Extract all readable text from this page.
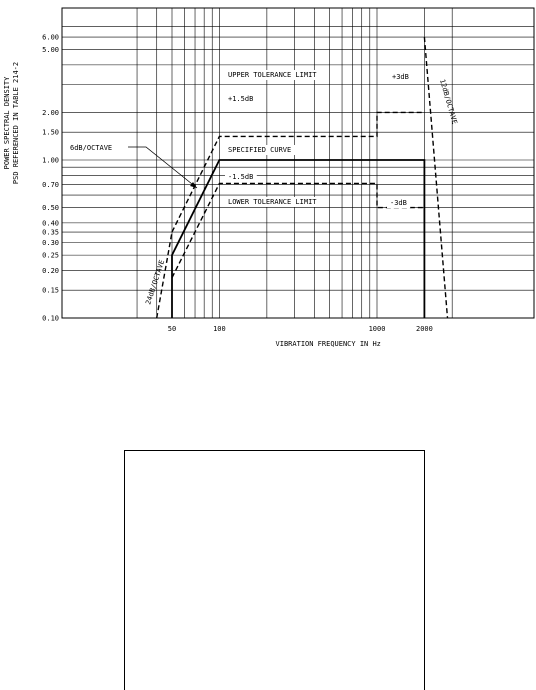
6.00
5.00
2.00
1.50
1.00
0.70
0.50
0.40
0.35
0.30
0.25
0.20
0.15
0.10
50	100	1000	2000
VIBRATION FREQUENCY IN Hz
POWER SPECTRAL DENSITY PSD REFERENCED IN TABLE 214-2	UPPER TOLERANCE LIMIT	+3dB
+1.5dB
6dB/OCTAVE	SPECIFIED CURVE
-1.5dB
LOWER TOLERANCE LIMIT	-3dB
24dB/OCTAVE
12dB/OCTAVE
